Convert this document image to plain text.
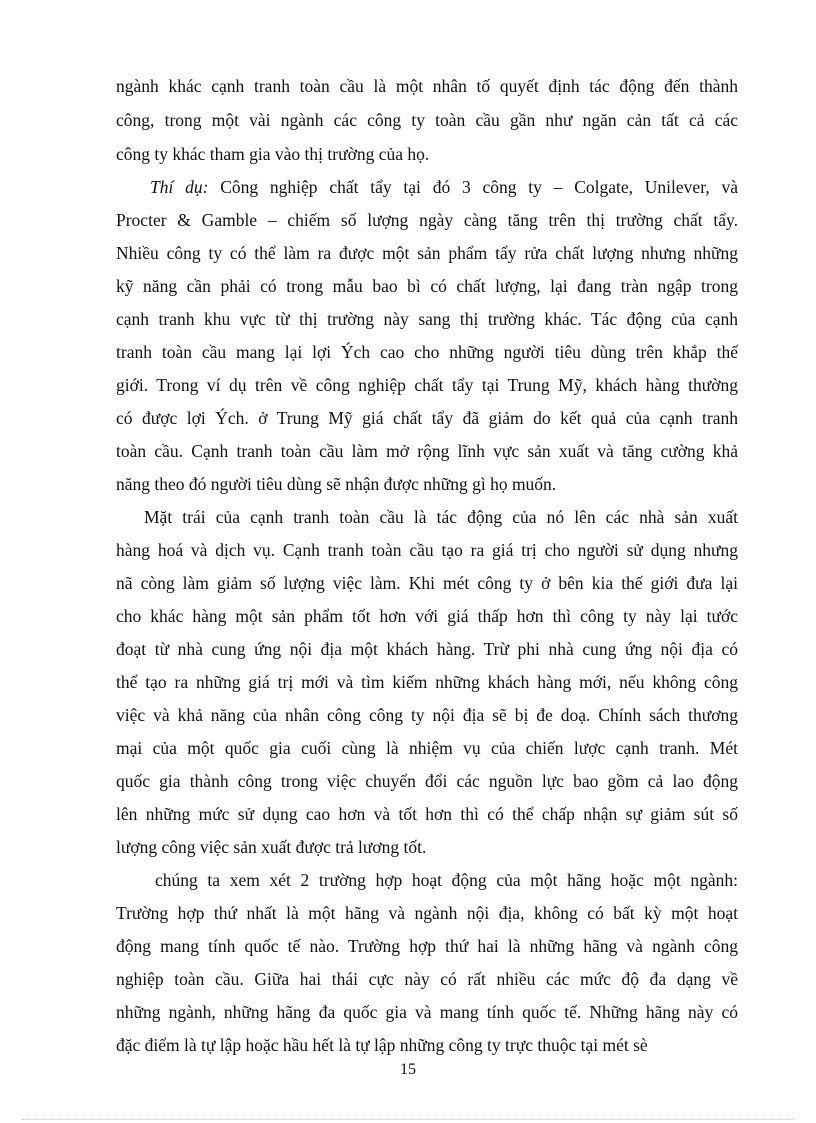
ngành khác cạnh tranh toàn cầu là một nhân tố quyết định tác động đến thành
công, trong một vài ngành các công ty toàn cầu gần như ngăn cản tất cả các
công ty khác tham gia vào thị trường của họ.
Thí dụ: Công nghiệp chất tẩy tại đó 3 công ty – Colgate, Unilever, và
Procter & Gamble – chiếm số lượng ngày càng tăng trên thị trường chất tẩy.
Nhiều công ty có thể làm ra được một sản phẩm tẩy rửa chất lượng nhưng những
kỹ năng cần phải có trong mẫu bao bì có chất lượng, lại đang tràn ngập trong
cạnh tranh khu vực từ thị trường này sang thị trường khác. Tác động của cạnh
tranh toàn cầu mang lại lợi Ých cao cho những người tiêu dùng trên khắp thế
giới. Trong ví dụ trên về công nghiệp chất tẩy tại Trung Mỹ, khách hàng thường
có được lợi Ých. ở Trung Mỹ giá chất tẩy đã giảm do kết quả của cạnh tranh
toàn cầu. Cạnh tranh toàn cầu làm mở rộng lĩnh vực sản xuất và tăng cường khả
năng theo đó người tiêu dùng sẽ nhận được những gì họ muốn.
Mặt trái của cạnh tranh toàn cầu là tác động của nó lên các nhà sản xuất
hàng hoá và dịch vụ. Cạnh tranh toàn cầu tạo ra giá trị cho người sử dụng nhưng
nã còng làm giảm số lượng việc làm. Khi mét công ty ở bên kia thế giới đưa lại
cho khác hàng một sản phẩm tốt hơn với giá thấp hơn thì công ty này lại tước
đoạt từ nhà cung ứng nội địa một khách hàng. Trừ phi nhà cung ứng nội địa có
thể tạo ra những giá trị mới và tìm kiếm những khách hàng mới, nếu không công
việc và khả năng của nhân công công ty nội địa sẽ bị đe doạ. Chính sách thương
mại của một quốc gia cuối cùng là nhiệm vụ của chiến lược cạnh tranh. Mét
quốc gia thành công trong việc chuyển đổi các nguồn lực bao gồm cả lao động
lên những mức sử dụng cao hơn và tốt hơn thì có thể chấp nhận sự giảm sút số
lượng công việc sản xuất được trả lương tốt.
chúng ta xem xét 2 trường hợp hoạt động của một hãng hoặc một ngành:
Trường hợp thứ nhất là một hãng và ngành nội địa, không có bất kỳ một hoạt
động mang tính quốc tế nào. Trường hợp thứ hai là những hãng và ngành công
nghiệp toàn cầu. Giữa hai thái cực này có rất nhiều các mức độ đa dạng về
những ngành, những hãng đa quốc gia và mang tính quốc tế. Những hãng này có
đặc điểm là tự lập hoặc hầu hết là tự lập những công ty trực thuộc tại mét sè
15
